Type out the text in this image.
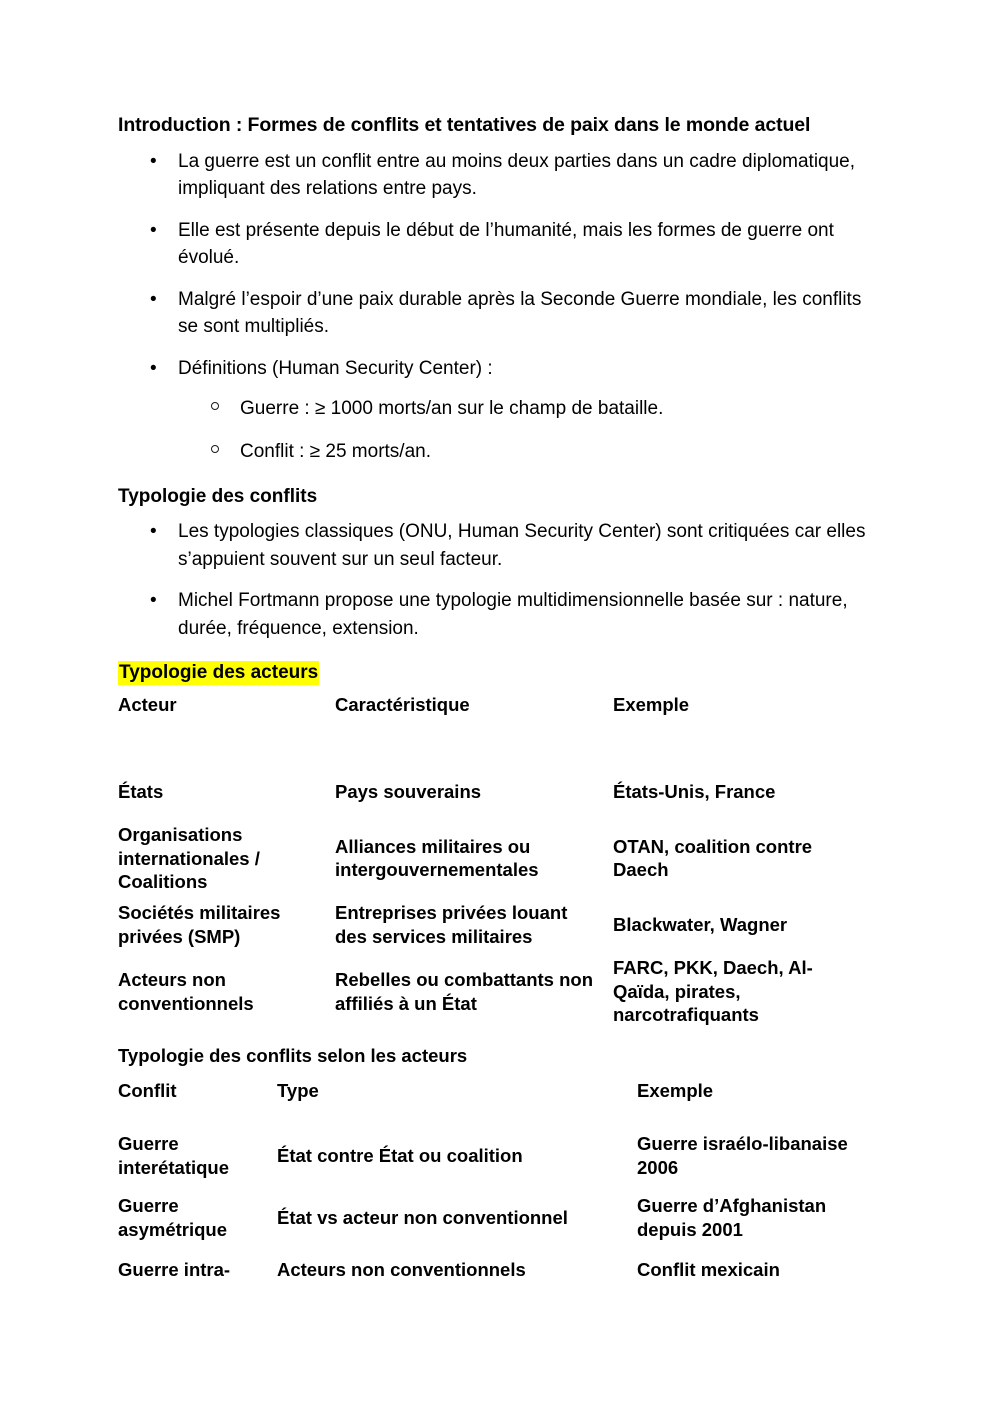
Introduction : Formes de conflits et tentatives de paix dans le monde actuel
• La guerre est un conflit entre au moins deux parties dans un cadre diplomatique, impliquant des relations entre pays.
• Elle est présente depuis le début de l’humanité, mais les formes de guerre ont évolué.
• Malgré l’espoir d’une paix durable après la Seconde Guerre mondiale, les conflits se sont multipliés.
• Définitions (Human Security Center) :
Guerre : ≥ 1000 morts/an sur le champ de bataille.
Conflit : ≥ 25 morts/an.
Typologie des conflits
• Les typologies classiques (ONU, Human Security Center) sont critiquées car elles s’appuient souvent sur un seul facteur.
• Michel Fortmann propose une typologie multidimensionnelle basée sur : nature, durée, fréquence, extension.
Typologie des acteurs
Acteur	Caractéristique	Exemple
États	Pays souverains	États-Unis, France
Organisations internationales / Coalitions	Alliances militaires ou intergouvernementales	OTAN, coalition contre Daech
Sociétés militaires privées (SMP)	Entreprises privées louant des services militaires	Blackwater, Wagner
Acteurs non conventionnels	Rebelles ou combattants non affiliés à un État	FARC, PKK, Daech, Al-Qaïda, pirates, narcotrafiquants
Typologie des conflits selon les acteurs
Conflit	Type	Exemple
Guerre interétatique	État contre État ou coalition	Guerre israélo-libanaise 2006
Guerre asymétrique	État vs acteur non conventionnel	Guerre d’Afghanistan depuis 2001
Guerre intra-	Acteurs non conventionnels	Conflit mexicain
